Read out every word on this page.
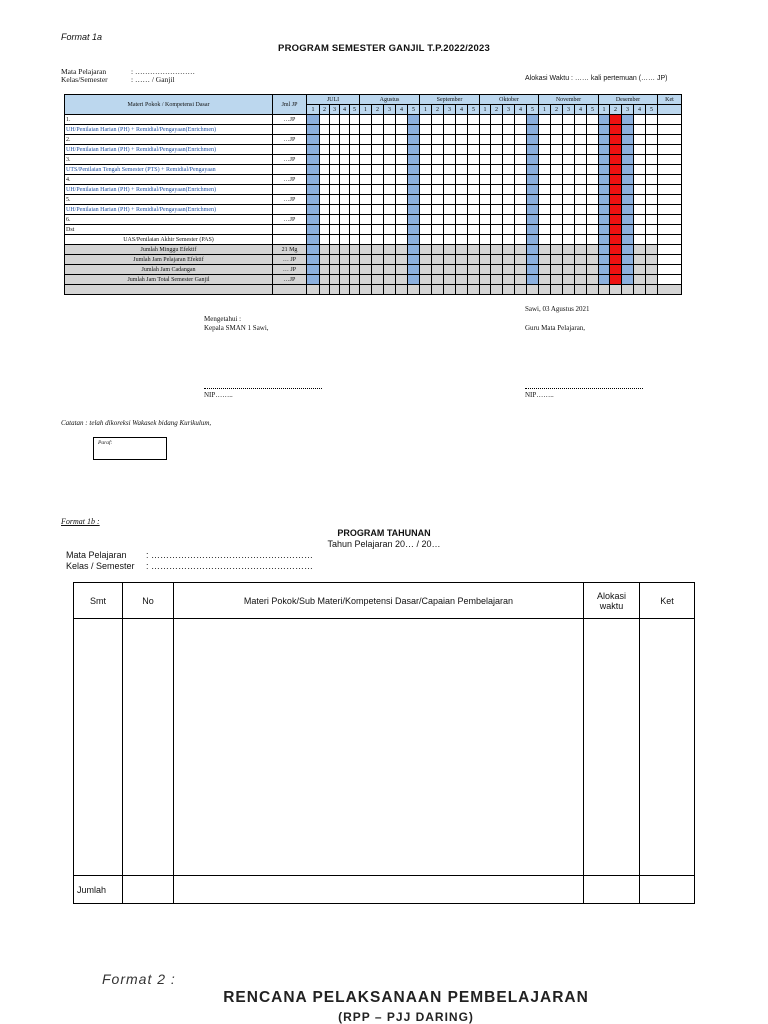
Format 1a
PROGRAM SEMESTER GANJIL T.P.2022/2023
Mata Pelajaran	: ……………………
Kelas/Semester	: …… / Ganjil	Alokasi Waktu : …… kali pertemuan (…… JP)
Materi Pokok / Kompetensi Dasar	Jml JP	JULI					Agustus					September					Oktober					November					Desember					Ket
		1	2	3	4	5	1	2	3	4	5	1	2	3	4	5	1	2	3	4	5	1	2	3	4	5	1	2	3	4	5	
1.	…JP																															
UH/Penilaian Harian (PH) + Remidial/Pengayaan(Enrichmen)																																
2.	…JP																															
UH/Penilaian Harian (PH) + Remidial/Pengayaan(Enrichmen)																																
3.	…JP																															
UTS/Penilaian Tengah Semester (PTS) + Remidial/Pengayaan																																
4.	…JP																															
UH/Penilaian Harian (PH) + Remidial/Pengayaan(Enrichmen)																																
5.	…JP																															
UH/Penilaian Harian (PH) + Remidial/Pengayaan(Enrichmen)																																
6.	…JP																															
Dst																																
UAS/Penilaian Akhir Semester (PAS)																																
Jumlah Minggu Efektif	21 Mg																															
Jumlah Jam Pelajaran Efektif	… JP																															
Jumlah Jam Cadangan	… JP																															
Jumlah Jam Total Semester Ganjil	…JP																															

Sawi, 03 Agustus 2021
Mengetahui :
Kepala SMAN 1 Sawi,	Guru Mata Pelajaran,
NIP……..	NIP……..
Catatan : telah dikoreksi Wakasek bidang Kurikulum,
Paraf:
Format 1b :
PROGRAM TAHUNAN
Tahun Pelajaran 20… / 20…
Mata Pelajaran : ………………………………………………
Kelas / Semester : ………………………………………………
Smt	No	Materi Pokok/Sub Materi/Kompetensi Dasar/Capaian Pembelajaran	Alokasi waktu	Ket

Jumlah				
Format 2 :
RENCANA PELAKSANAAN PEMBELAJARAN
(RPP – PJJ DARING)
